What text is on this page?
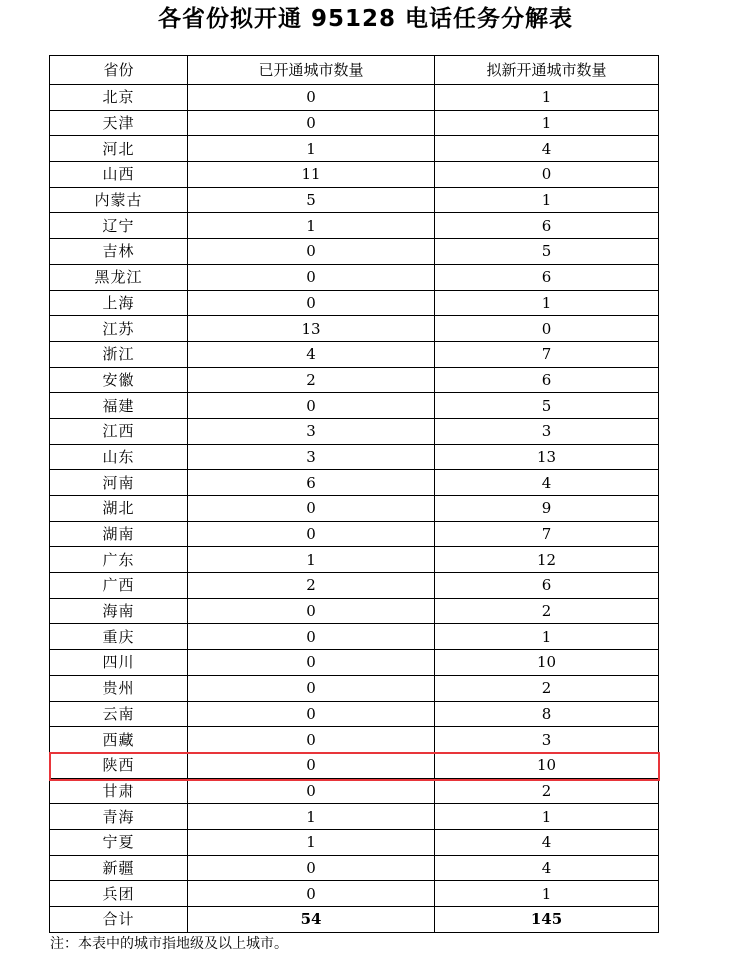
各省份拟开通 95128 电话任务分解表
省份	已开通城市数量	拟新开通城市数量
北京	0	1
天津	0	1
河北	1	4
山西	11	0
内蒙古	5	1
辽宁	1	6
吉林	0	5
黑龙江	0	6
上海	0	1
江苏	13	0
浙江	4	7
安徽	2	6
福建	0	5
江西	3	3
山东	3	13
河南	6	4
湖北	0	9
湖南	0	7
广东	1	12
广西	2	6
海南	0	2
重庆	0	1
四川	0	10
贵州	0	2
云南	0	8
西藏	0	3
陕西	0	10
甘肃	0	2
青海	1	1
宁夏	1	4
新疆	0	4
兵团	0	1
合计	54	145
注：本表中的城市指地级及以上城市。
